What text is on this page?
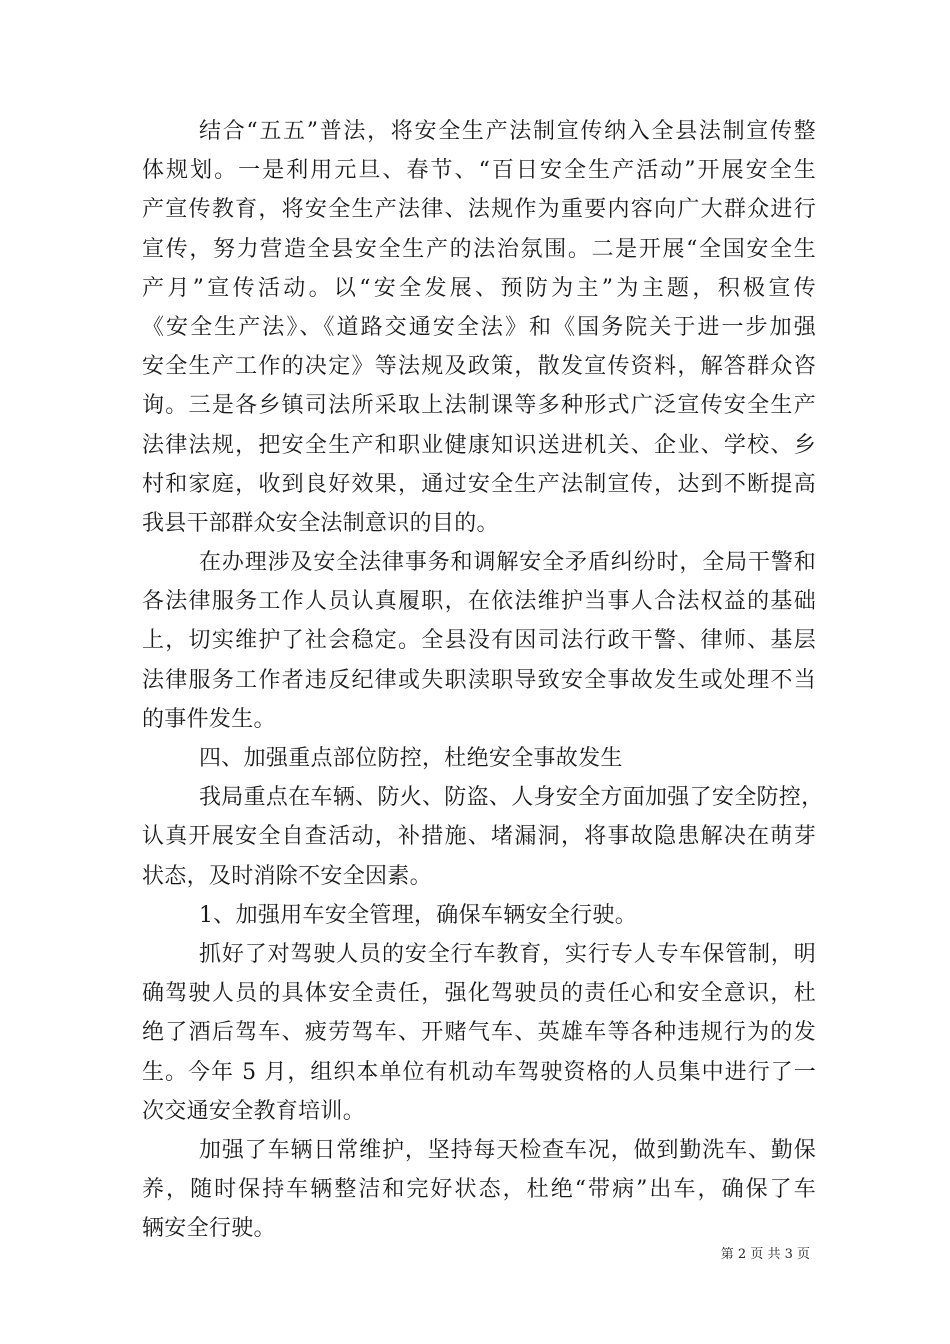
结合“五五”普法，将安全生产法制宣传纳入全县法制宣传整
体规划。一是利用元旦、春节、“百日安全生产活动”开展安全生
产宣传教育，将安全生产法律、法规作为重要内容向广大群众进行
宣传，努力营造全县安全生产的法治氛围。二是开展“全国安全生
产月”宣传活动。以“安全发展、预防为主”为主题，积极宣传
《安全生产法》、《道路交通安全法》和《国务院关于进一步加强
安全生产工作的决定》等法规及政策，散发宣传资料，解答群众咨
询。三是各乡镇司法所采取上法制课等多种形式广泛宣传安全生产
法律法规，把安全生产和职业健康知识送进机关、企业、学校、乡
村和家庭，收到良好效果，通过安全生产法制宣传，达到不断提高
我县干部群众安全法制意识的目的。
在办理涉及安全法律事务和调解安全矛盾纠纷时，全局干警和
各法律服务工作人员认真履职，在依法维护当事人合法权益的基础
上，切实维护了社会稳定。全县没有因司法行政干警、律师、基层
法律服务工作者违反纪律或失职渎职导致安全事故发生或处理不当
的事件发生。
四、加强重点部位防控，杜绝安全事故发生
我局重点在车辆、防火、防盗、人身安全方面加强了安全防控，
认真开展安全自查活动，补措施、堵漏洞，将事故隐患解决在萌芽
状态，及时消除不安全因素。
1、加强用车安全管理，确保车辆安全行驶。
抓好了对驾驶人员的安全行车教育，实行专人专车保管制，明
确驾驶人员的具体安全责任，强化驾驶员的责任心和安全意识，杜
绝了酒后驾车、疲劳驾车、开赌气车、英雄车等各种违规行为的发
生。今年 5 月，组织本单位有机动车驾驶资格的人员集中进行了一
次交通安全教育培训。
加强了车辆日常维护，坚持每天检查车况，做到勤洗车、勤保
养，随时保持车辆整洁和完好状态，杜绝“带病”出车，确保了车
辆安全行驶。
第 2 页 共 3 页
